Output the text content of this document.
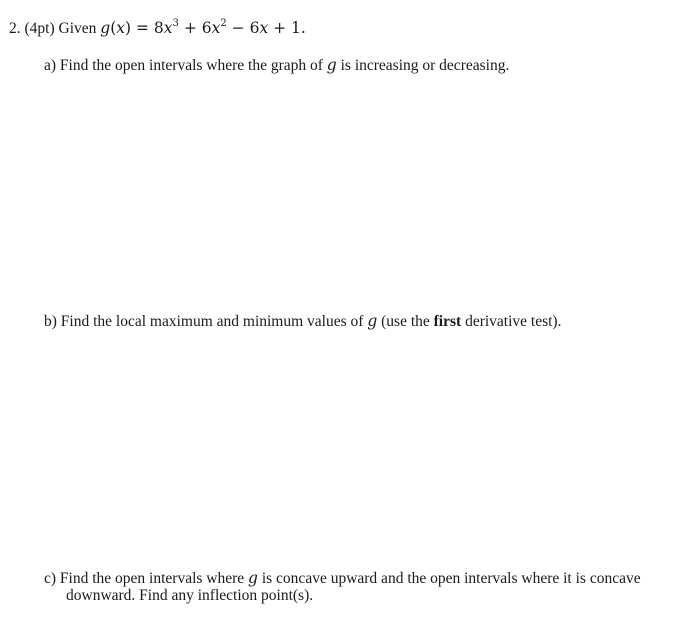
2. (4pt) Given $g(x) = 8x^3 + 6x^2 - 6x + 1$.
a) Find the open intervals where the graph of g is increasing or decreasing.
b) Find the local maximum and minimum values of g (use the first derivative test).
c) Find the open intervals where g is concave upward and the open intervals where it is concave
downward. Find any inflection point(s).
